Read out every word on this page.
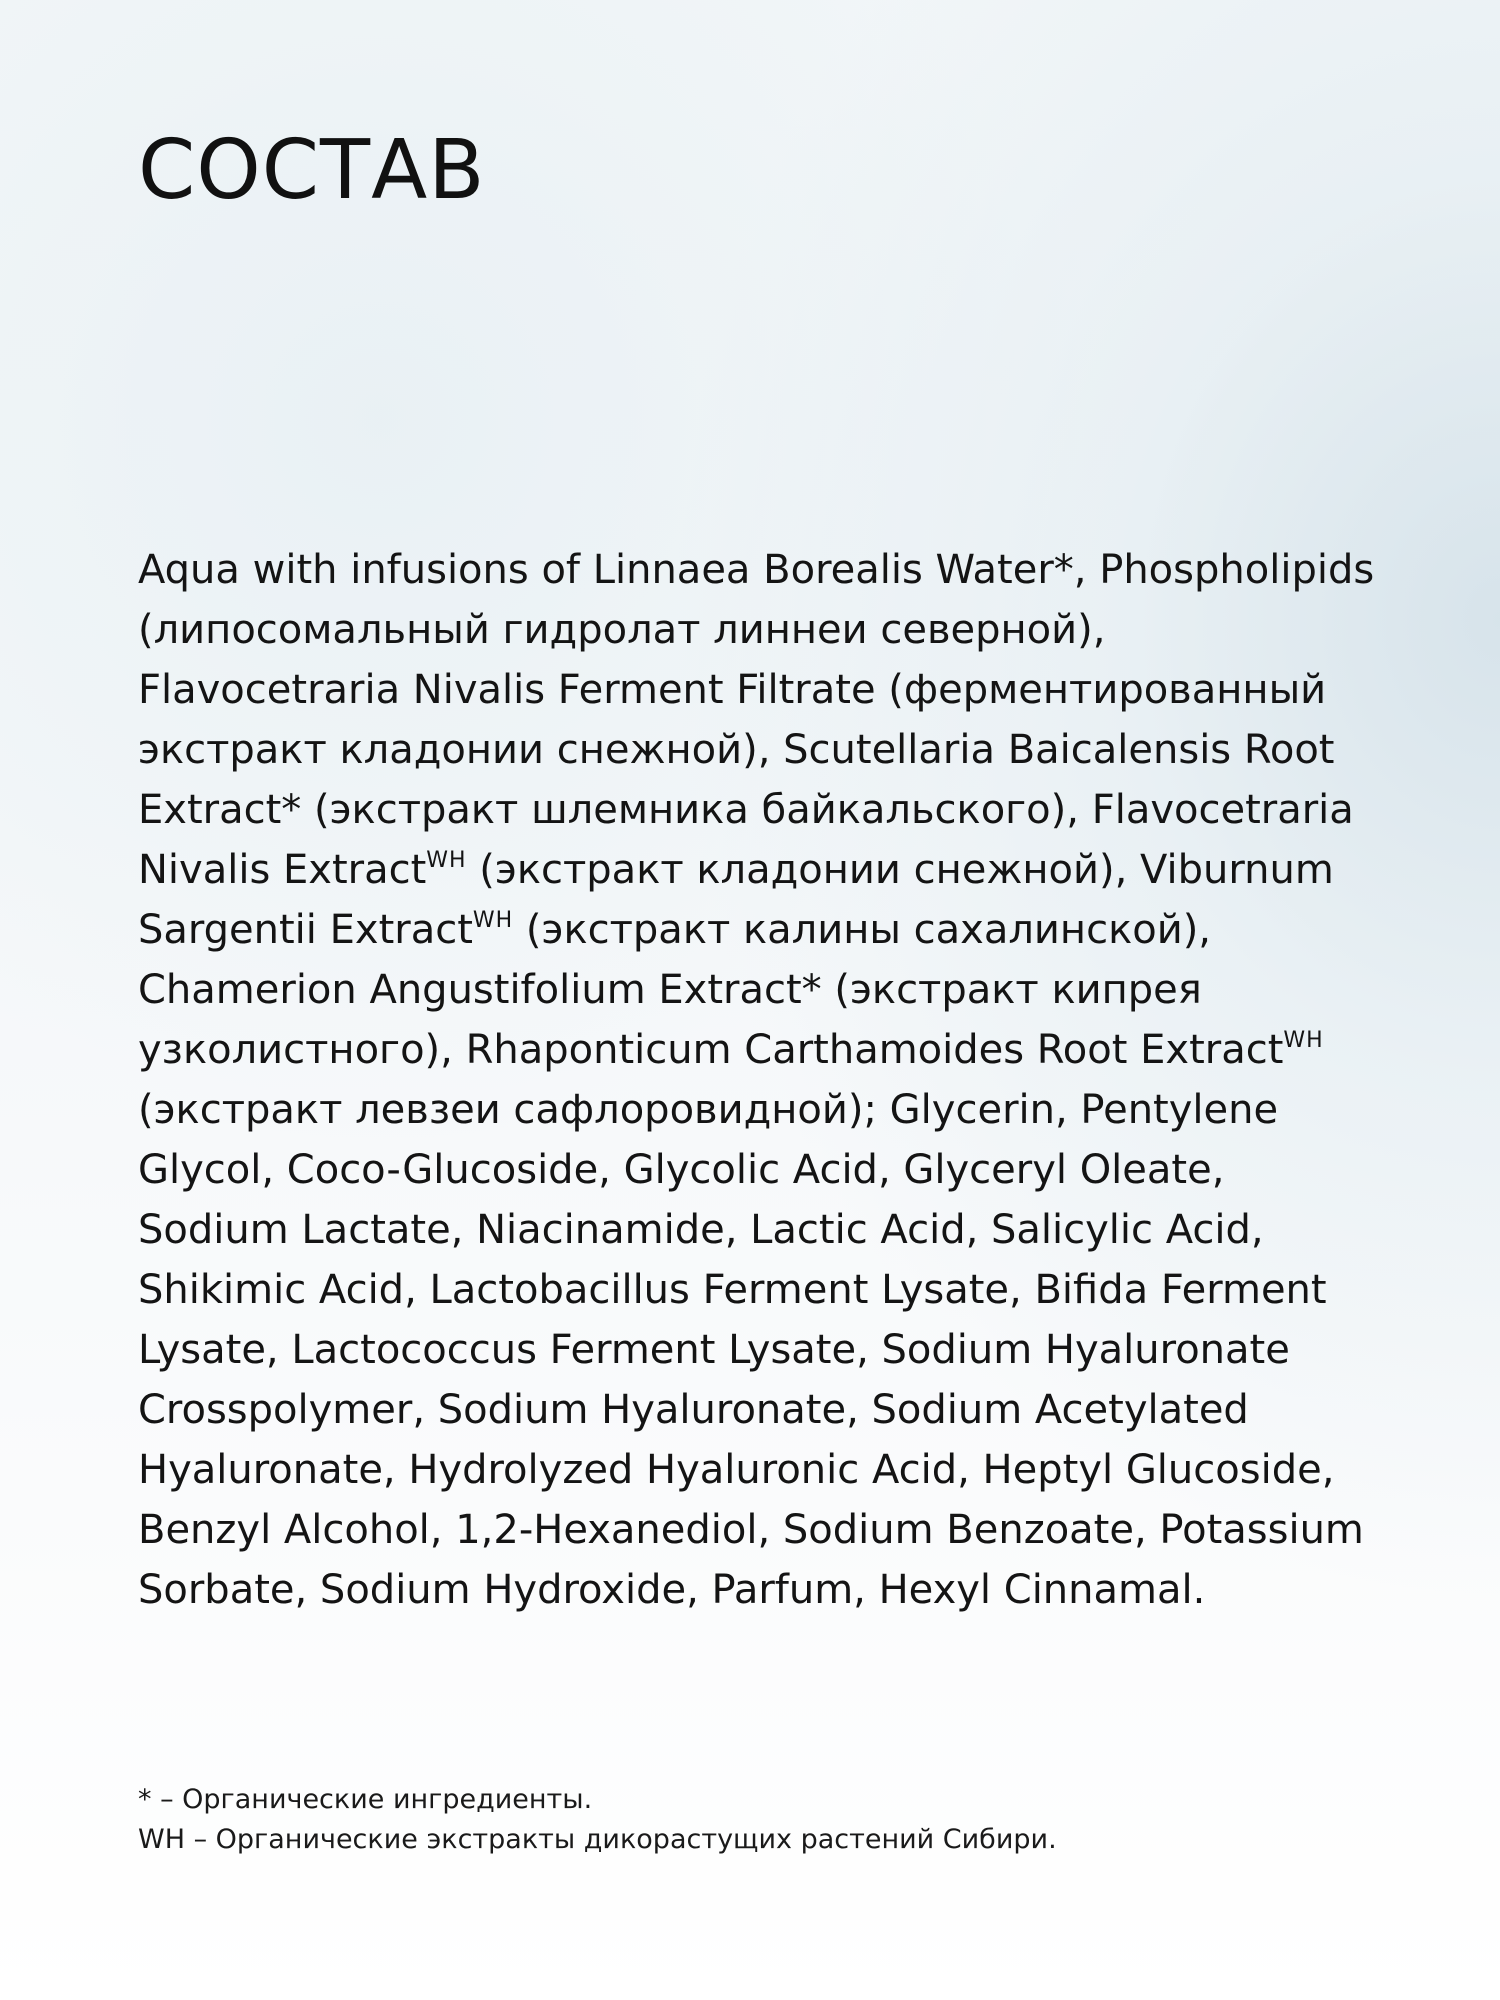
СОСТАВ

Aqua with infusions of Linnaea Borealis Water*, Phospholipids (липосомальный гидролат линнеи северной), Flavocetraria Nivalis Ferment Filtrate (ферментированный экстракт кладонии снежной), Scutellaria Baicalensis Root Extract* (экстракт шлемника байкальского), Flavocetraria Nivalis Extract$^{WH}$ (экстракт кладонии снежной), Viburnum Sargentii Extract$^{WH}$ (экстракт калины сахалинской), Chamerion Angustifolium Extract* (экстракт кипрея узколистного), Rhaponticum Carthamoides Root Extract$^{WH}$ (экстракт левзеи сафлоровидной); Glycerin, Pentylene Glycol, Coco-Glucoside, Glycolic Acid, Glyceryl Oleate, Sodium Lactate, Niacinamide, Lactic Acid, Salicylic Acid, Shikimic Acid, Lactobacillus Ferment Lysate, Bifida Ferment Lysate, Lactococcus Ferment Lysate, Sodium Hyaluronate Crosspolymer, Sodium Hyaluronate, Sodium Acetylated Hyaluronate, Hydrolyzed Hyaluronic Acid, Heptyl Glucoside, Benzyl Alcohol, 1,2-Hexanediol, Sodium Benzoate, Potassium Sorbate, Sodium Hydroxide, Parfum, Hexyl Cinnamal.

* – Органические ингредиенты.

WH – Органические экстракты дикорастущих растений Сибири.
